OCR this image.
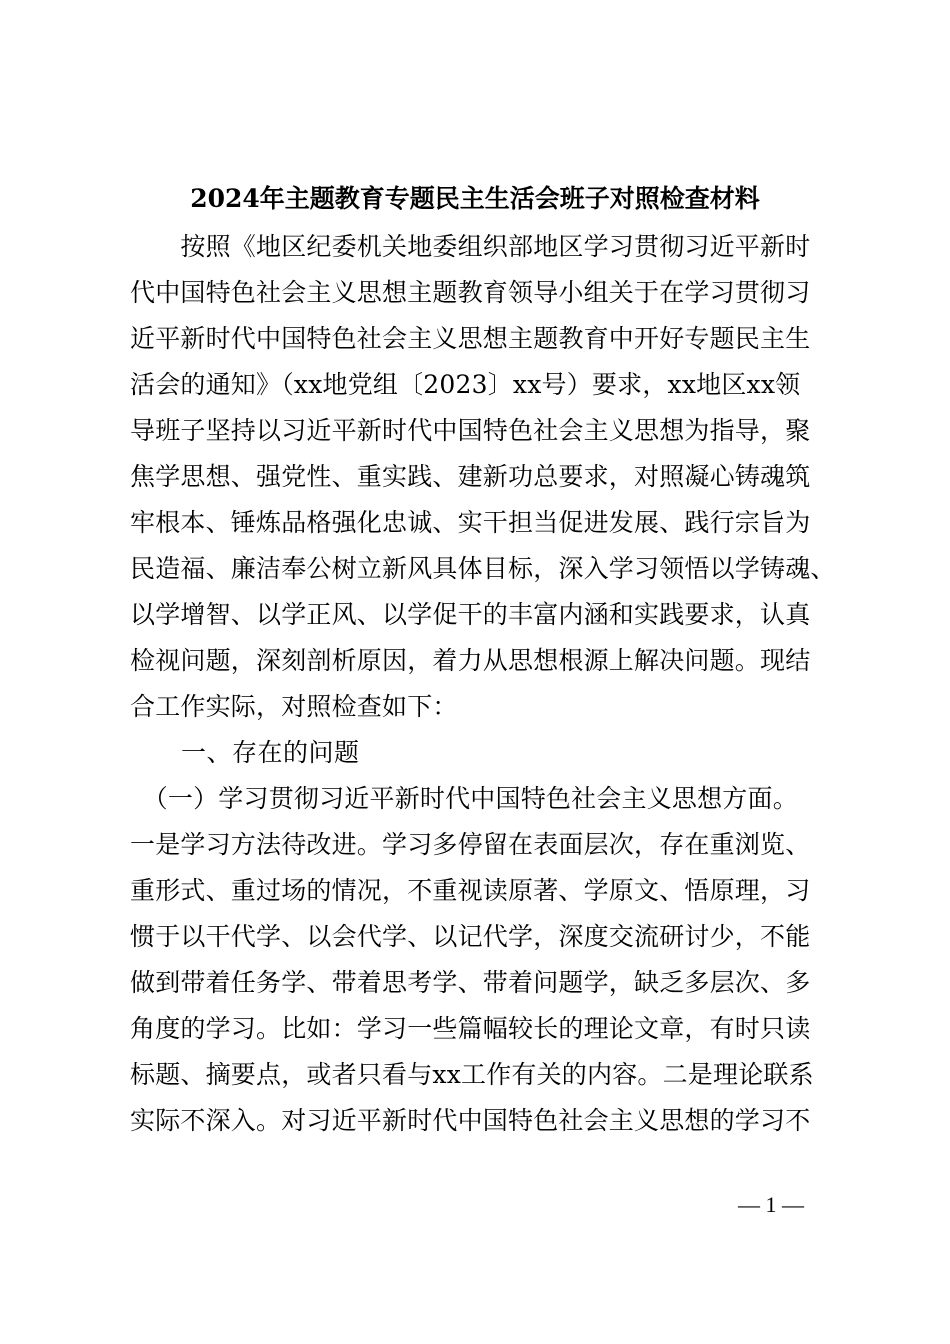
2024年主题教育专题民主生活会班子对照检查材料
　　按照《地区纪委机关地委组织部地区学习贯彻习近平新时
代中国特色社会主义思想主题教育领导小组关于在学习贯彻习
近平新时代中国特色社会主义思想主题教育中开好专题民主生
活会的通知》（xx地党组〔2023〕xx号）要求，xx地区xx领
导班子坚持以习近平新时代中国特色社会主义思想为指导，聚
焦学思想、强党性、重实践、建新功总要求，对照凝心铸魂筑
牢根本、锤炼品格强化忠诚、实干担当促进发展、践行宗旨为
民造福、廉洁奉公树立新风具体目标，深入学习领悟以学铸魂、
以学增智、以学正风、以学促干的丰富内涵和实践要求，认真
检视问题，深刻剖析原因，着力从思想根源上解决问题。现结
合工作实际，对照检查如下：
　　一、存在的问题
　（一）学习贯彻习近平新时代中国特色社会主义思想方面。
一是学习方法待改进。学习多停留在表面层次，存在重浏览、
重形式、重过场的情况，不重视读原著、学原文、悟原理，习
惯于以干代学、以会代学、以记代学，深度交流研讨少，不能
做到带着任务学、带着思考学、带着问题学，缺乏多层次、多
角度的学习。比如：学习一些篇幅较长的理论文章，有时只读
标题、摘要点，或者只看与xx工作有关的内容。二是理论联系
实际不深入。对习近平新时代中国特色社会主义思想的学习不
— 1 —
